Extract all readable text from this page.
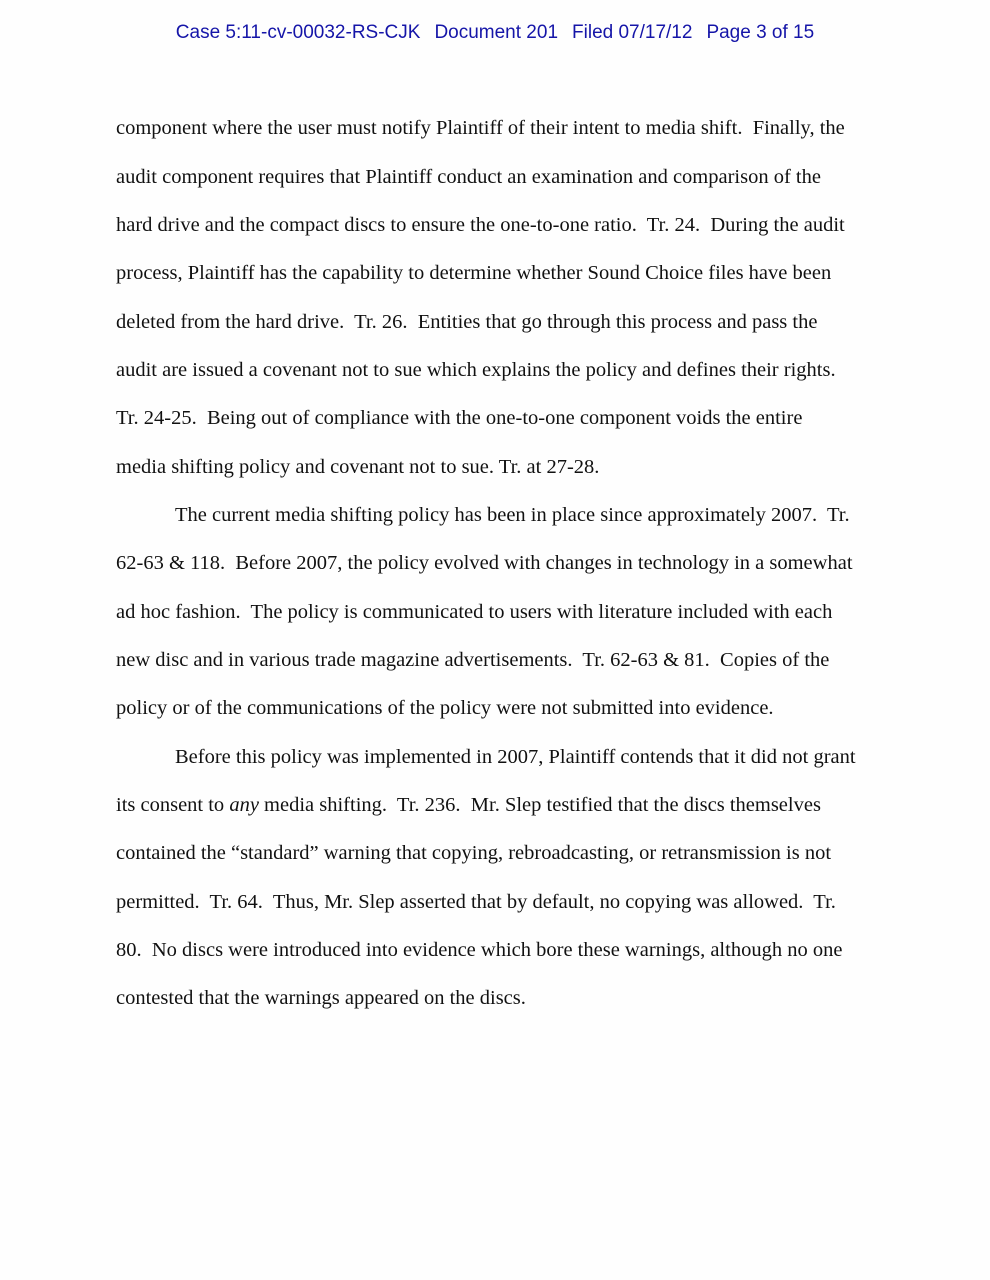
Case 5:11-cv-00032-RS-CJK Document 201 Filed 07/17/12 Page 3 of 15
component where the user must notify Plaintiff of their intent to media shift.  Finally, the
audit component requires that Plaintiff conduct an examination and comparison of the
hard drive and the compact discs to ensure the one-to-one ratio.  Tr. 24.  During the audit
process, Plaintiff has the capability to determine whether Sound Choice files have been
deleted from the hard drive.  Tr. 26.  Entities that go through this process and pass the
audit are issued a covenant not to sue which explains the policy and defines their rights.
Tr. 24-25.  Being out of compliance with the one-to-one component voids the entire
media shifting policy and covenant not to sue. Tr. at 27-28.
The current media shifting policy has been in place since approximately 2007.  Tr.
62-63 & 118.  Before 2007, the policy evolved with changes in technology in a somewhat
ad hoc fashion.  The policy is communicated to users with literature included with each
new disc and in various trade magazine advertisements.  Tr. 62-63 & 81.  Copies of the
policy or of the communications of the policy were not submitted into evidence.
Before this policy was implemented in 2007, Plaintiff contends that it did not grant
its consent to any media shifting.  Tr. 236.  Mr. Slep testified that the discs themselves
contained the “standard” warning that copying, rebroadcasting, or retransmission is not
permitted.  Tr. 64.  Thus, Mr. Slep asserted that by default, no copying was allowed.  Tr.
80.  No discs were introduced into evidence which bore these warnings, although no one
contested that the warnings appeared on the discs.
